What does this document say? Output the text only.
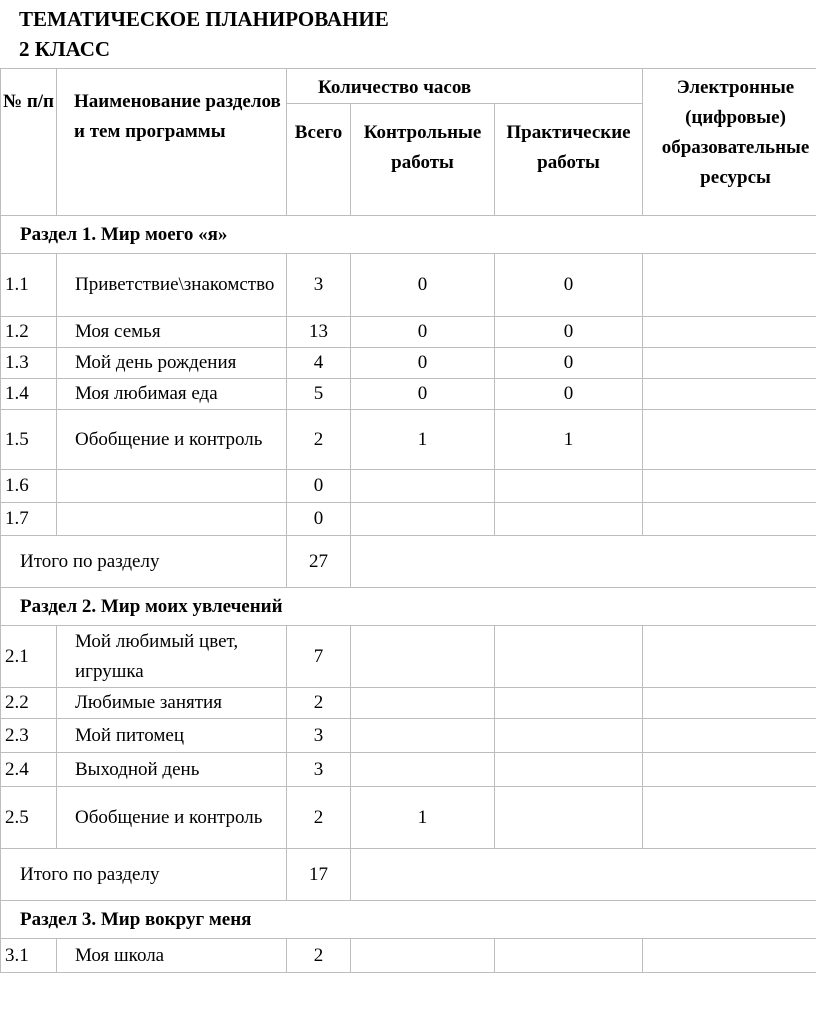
ТЕМАТИЧЕСКОЕ ПЛАНИРОВАНИЕ
2 КЛАСС
№ п/п	Наименование разделов и тем программы	Количество часов			Электронные (цифровые) образовательные ресурсы
		Всего	Контрольные работы	Практические работы	
Раздел 1. Мир моего «я»					
1.1	Приветствие\знакомство	3	0	0	
1.2	Моя семья	13	0	0	
1.3	Мой день рождения	4	0	0	
1.4	Моя любимая еда	5	0	0	
1.5	Обобщение и контроль	2	1	1	
1.6		0			
1.7		0			
Итого по разделу		27			
Раздел 2. Мир моих увлечений					
2.1	Мой любимый цвет, игрушка	7			
2.2	Любимые занятия	2			
2.3	Мой питомец	3			
2.4	Выходной день	3			
2.5	Обобщение и контроль	2	1		
Итого по разделу		17			
Раздел 3. Мир вокруг меня					
3.1	Моя школа	2			
